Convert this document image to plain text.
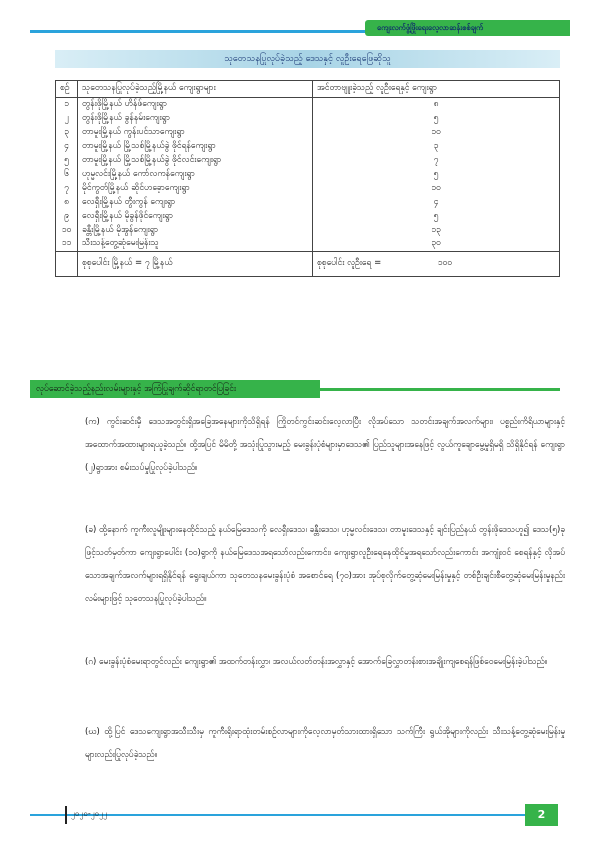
ကျေးလက်ဖွံ့ဖြိုးရေးလေ့လာဆန်းစစ်ချက်
သုတေသနပြုလုပ်ခဲ့သည့် ဒေသနှင့် လူဦးရေဖြေဆိုသူ
စဉ်	သုတေသနပြုလုပ်ခဲ့သည့်မြို့နယ် ကျေးရွာများ	အင်တာဗျူးခဲ့သည့် လူဦးရေနှင့် ကျေးရွာ
၁	တွန်းဖိုမြို့နယ် ဟိန်ဖ်ကျေးရွာ	၈
၂	တွန်းဖိုမြို့နယ် ခွန်နမ်းကျေးရွာ	၅
၃	တာမူးမြို့နယ် ကွန်းပင်သာကျေးရွာ	၁၀
၄	တာမူးမြို့နယ် မြို့သစ်မြို့နယ်ခွဲ ဖိုင်ရန်ကျေးရွာ	၃
၅	တာမူးမြို့နယ် မြို့သစ်မြို့နယ်ခွဲ ဖိုင်လင်းကျေးရွာ	၇
၆	ဟုမ္မလင်းမြို့နယ် ကော်လကန်ကျေးရွာ	၅
၇	မိုင်ကွတ်မြို့နယ် ဆိုင်ဟခေ့ာကျေးရွာ	၁၀
၈	လေရှီးမြို့နယ် တွီးကွန် ကျေးရွာ	၄
၉	လေရှီးမြို့နယ် မိုခွန်ဖိုင်ကျေးရွာ	၅
၁၀	ခန္တီးမြို့နယ် မိုအွန်ကျေးရွာ	၁၃
၁၁	သီးသန့်တွေ့ဆုံမေးမြန်းသူ	၃၀
	စုစုပေါင်း မြို့နယ် = ၇ မြို့နယ်	စုစုပေါင်း လူဦးရေ = ၁၀၀
လုပ်ဆောင်ခဲ့သည့်နည်းလမ်းများနှင့် အကြံပြုချက်ဆိုင်ရာတင်ပြခြင်း

(က) ကွင်းဆင်းမှီ ဒေသအတွင်းရှိအခြေအနေများကိုသိရှိရန် ကြိုတင်ကွင်းဆင်းလေ့လာပြီး လိုအပ်သော သတင်းအချက်အလက်များ၊ ပစ္စည်းကိရိယာများနှင့် အထောက်အထားများရယူခဲ့သည်။ ထို့အပြင် မိမိတို့ အသုံးပြုသွားမည့် မေးခွန်းပုံစံများမှာဒေသ၏ ပြည်သူများအနေဖြင့် လွယ်ကူချောမွေ့မှုရှိမရှိ သိရှိနိုင်ရန် ကျေးရွာ (၂)ရွာအား စမ်းသပ်မှုပြုလုပ်ခဲ့ပါသည်။

(ခ) ထို့နောက် ကူကီးလူမျိုးများနေထိုင်သည့် နယ်မြေဒေသကို လေရှီးဒေသ၊ ခန္တီးဒေသ၊ ဟုမ္မလင်းဒေသ၊ တာမူးဒေသနှင့် ချင်းပြည်နယ် တွန်းဖိုဒေသဟူ၍ ဒေသ(၅)ခုဖြင့်သတ်မှတ်ကာ ကျေးရွာပေါင်း (၁၀)ရွာကို နယ်မြေဒေသအရသော်လည်းကောင်း၊ ကျေးရွာလူဦးရေနေထိုင်မှုအရသော်လည်းကောင်း အကျုံးဝင် စေရန်နှင့် လိုအပ်သောအချက်အလက်များရရှိနိုင်ရန် ရွေးချယ်ကာ သုတေသနမေးခွန်းပုံစံ အစောင်ရေ (၇၀)အား အုပ်စုလိုက်တွေ့ဆုံမေးမြန်းမှုနှင့် တစ်ဦးချင်းစီတွေ့ဆုံမေးမြန်းမှုနည်းလမ်းများဖြင့် သုတေသနပြုလုပ်ခဲ့ပါသည်။

(ဂ) မေးခွန်းပုံစံမေးရာတွင်လည်း ကျေးရွာ၏ အထက်တန်းလွှာ၊ အလယ်လတ်တန်းအလွှာနှင့် အောက်ခြေလွှာတန်းစားအချိုးကျစေရန်ဖြစ်ဝေမေးမြန်းခဲ့ပါသည်။

(ဃ) ထို့ပြင် ဒေသကျေးရွာအသီးသီးမှ ကူကီးရိုးရာထုံးတမ်းစဉ်လာများကိုလေ့လာမှတ်သားထားရှိသော သက်ကြီး ရွယ်အိုများကိုလည်း သီးသန့်တွေ့ဆုံမေးမြန်းမှုများလည်းပြုလုပ်ခဲ့သည်။

၂၀၂၀-၂၀၂၂	2
